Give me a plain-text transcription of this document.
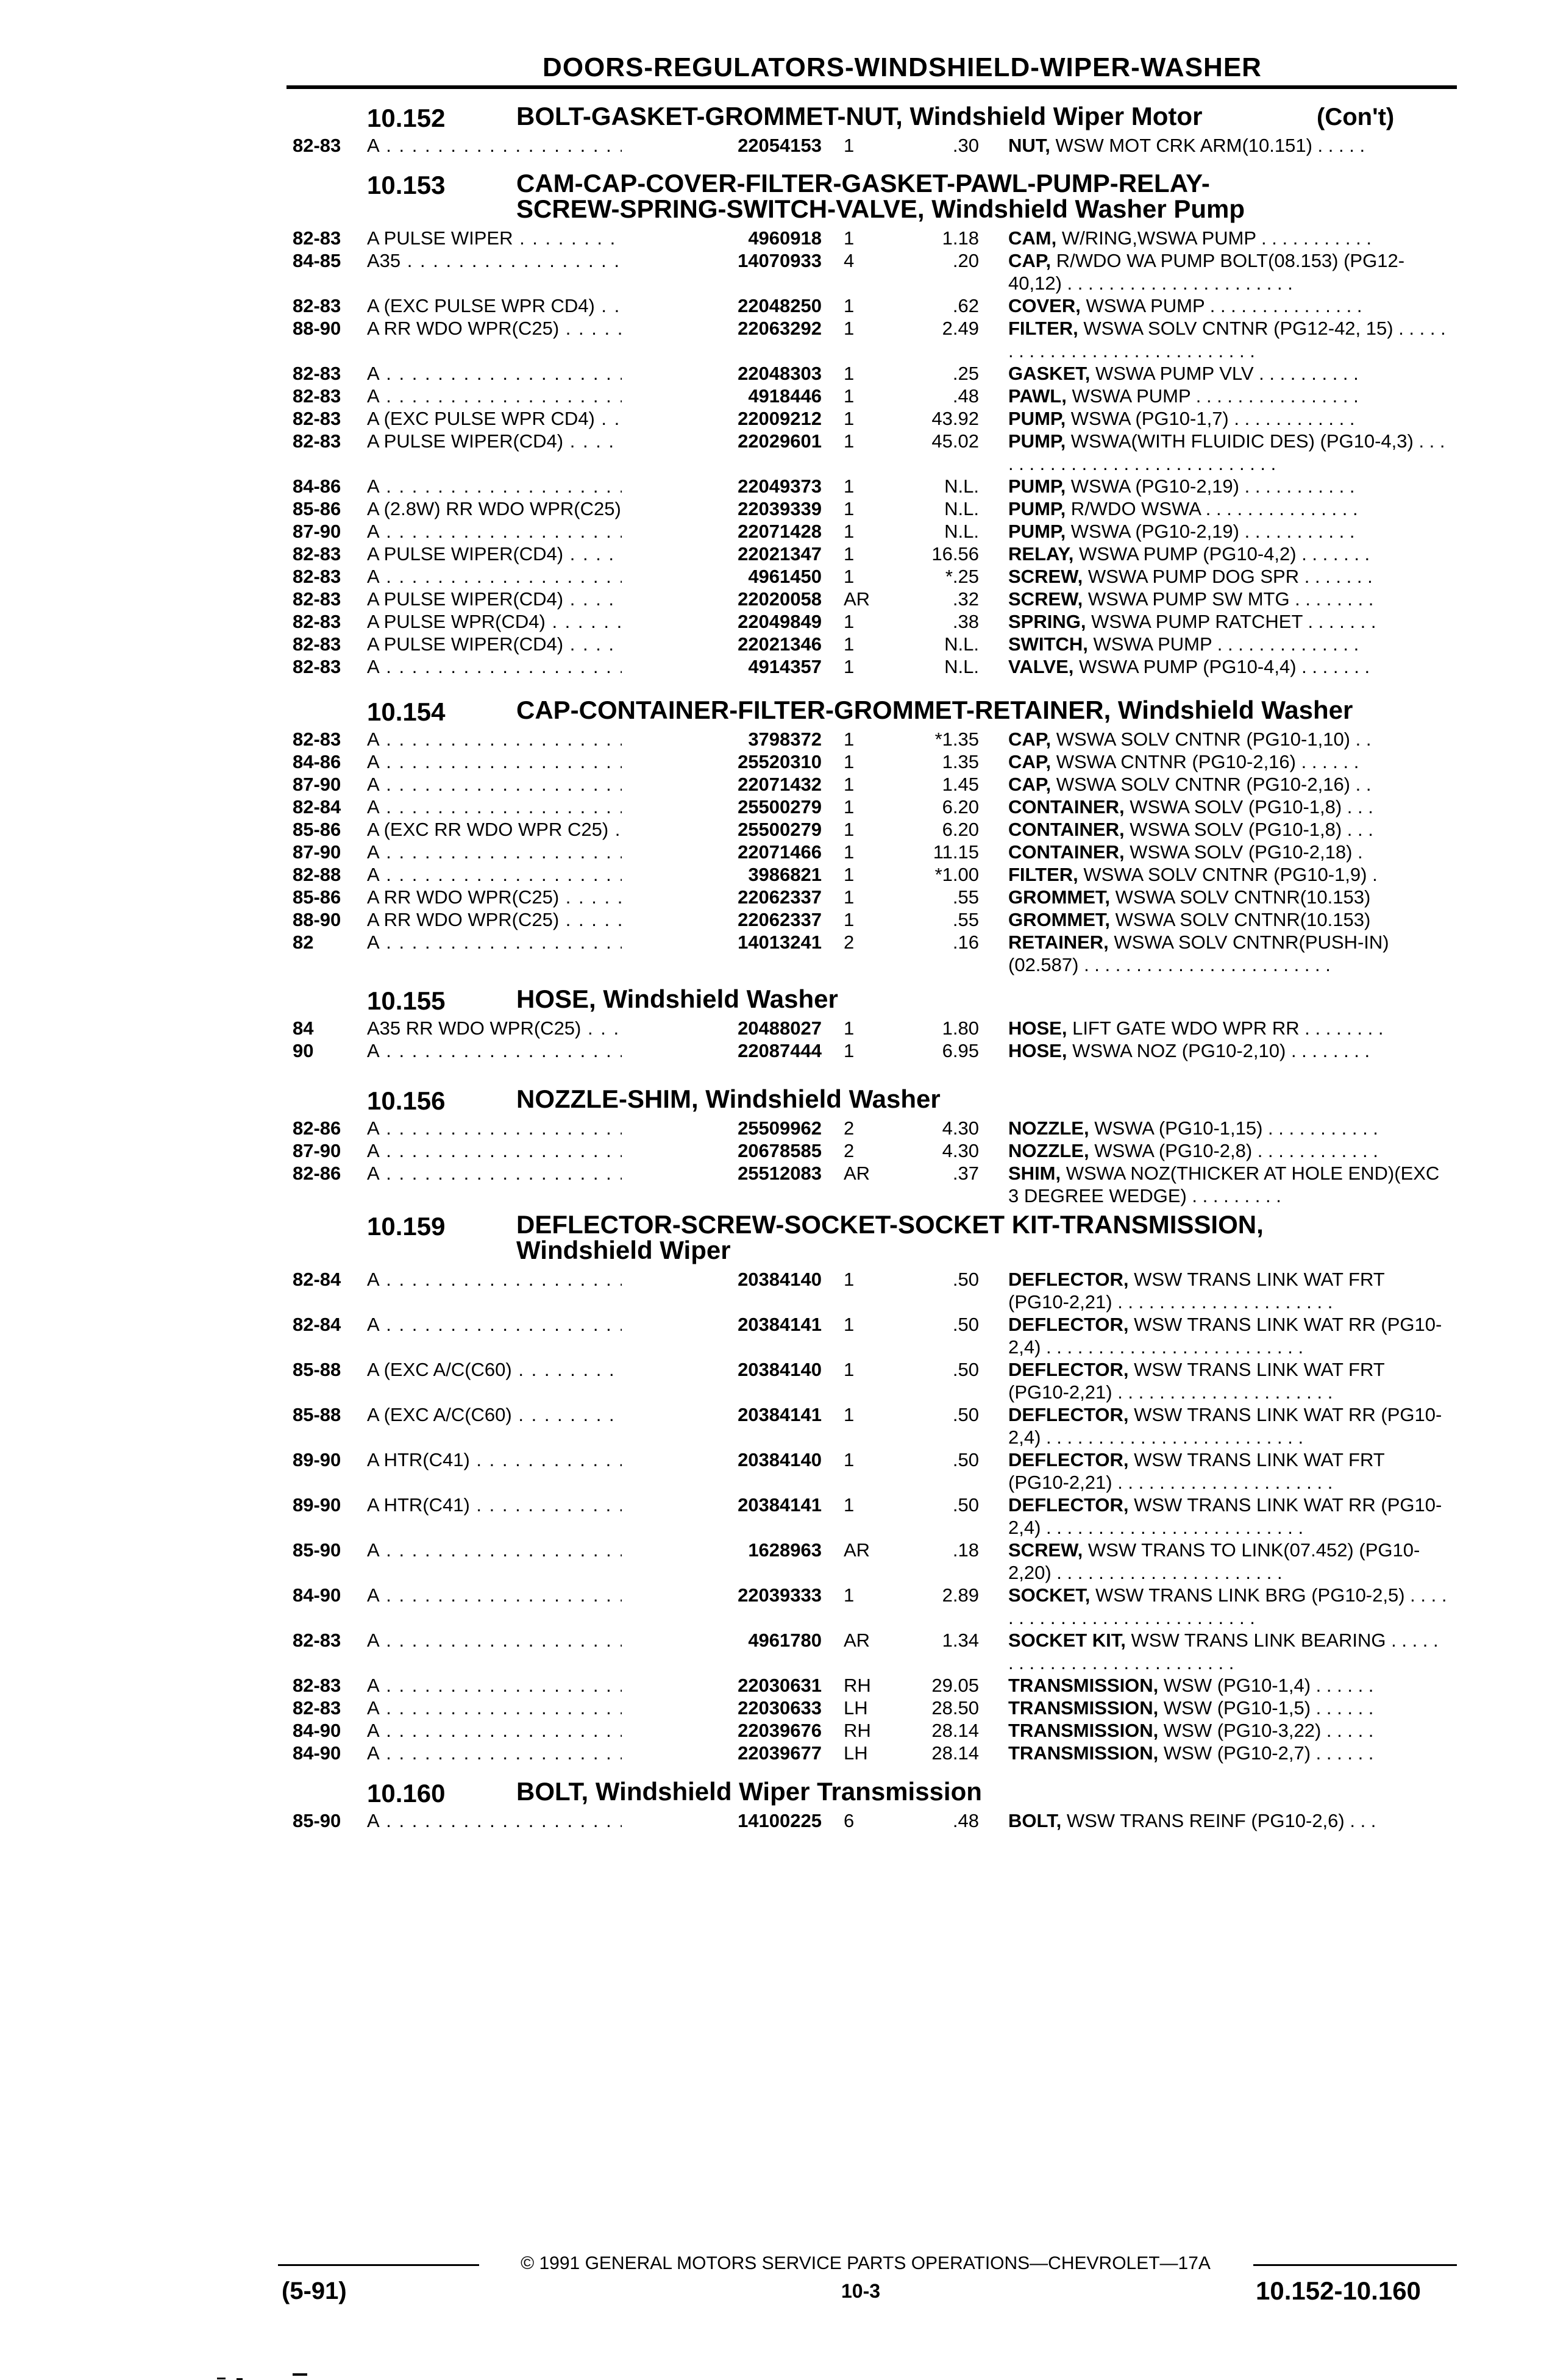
DOORS-REGULATORS-WINDSHIELD-WIPER-WASHER
10.152	BOLT-GASKET-GROMMET-NUT, Windshield Wiper Motor	(Con't)
82-83 A . . .	22054153 1	.30 NUT, WSW MOT CRK ARM(10.151) . . . . .
10.153	CAM-CAP-COVER-FILTER-GASKET-PAWL-PUMP-RELAY-
SCREW-SPRING-SWITCH-VALVE, Windshield Washer Pump
82-83 A PULSE WIPER . . .	4960918 1	1.18 CAM, W/RING,WSWA PUMP . . . . . . . . . . .
84-85 A35 . . .	14070933 4	.20 CAP, R/WDO WA PUMP BOLT(08.153) (PG12-40,12) . . . . . . . . . . . . . . . . . . . . . .
82-83 A (EXC PULSE WPR CD4) . . .	22048250 1	.62 COVER, WSWA PUMP . . . . . . . . . . . . . . .
88-90 A RR WDO WPR(C25) . . .	22063292 1	2.49 FILTER, WSWA SOLV CNTNR (PG12-42, 15) . . . . . . . . . . . . . . . . . . . . . . . . . . . . .
82-83 A . . .	22048303 1	.25 GASKET, WSWA PUMP VLV . . . . . . . . . .
82-83 A . . .	4918446 1	.48 PAWL, WSWA PUMP . . . . . . . . . . . . . . . .
82-83 A (EXC PULSE WPR CD4) . . .	22009212 1	43.92 PUMP, WSWA (PG10-1,7) . . . . . . . . . . . .
82-83 A PULSE WIPER(CD4) . . .	22029601 1	45.02 PUMP, WSWA(WITH FLUIDIC DES) (PG10-4,3) . . . . . . . . . . . . . . . . . . . . . . . . . . . . .
84-86 A . . .	22049373 1	N.L. PUMP, WSWA (PG10-2,19) . . . . . . . . . . .
85-86 A (2.8W) RR WDO WPR(C25) . . .	22039339 1	N.L. PUMP, R/WDO WSWA . . . . . . . . . . . . . . .
87-90 A . . .	22071428 1	N.L. PUMP, WSWA (PG10-2,19) . . . . . . . . . . .
82-83 A PULSE WIPER(CD4) . . .	22021347 1	16.56 RELAY, WSWA PUMP (PG10-4,2) . . . . . . .
82-83 A . . .	4961450 1	*.25 SCREW, WSWA PUMP DOG SPR . . . . . . .
82-83 A PULSE WIPER(CD4) . . .	22020058 AR	.32 SCREW, WSWA PUMP SW MTG . . . . . . . .
82-83 A PULSE WPR(CD4) . . .	22049849 1	.38 SPRING, WSWA PUMP RATCHET . . . . . . .
82-83 A PULSE WIPER(CD4) . . .	22021346 1	N.L. SWITCH, WSWA PUMP . . . . . . . . . . . . . .
82-83 A . . .	4914357 1	N.L. VALVE, WSWA PUMP (PG10-4,4) . . . . . . .
10.154	CAP-CONTAINER-FILTER-GROMMET-RETAINER, Windshield Washer
82-83 A . . .	3798372 1	*1.35 CAP, WSWA SOLV CNTNR (PG10-1,10) . .
84-86 A . . .	25520310 1	1.35 CAP, WSWA CNTNR (PG10-2,16) . . . . . .
87-90 A . . .	22071432 1	1.45 CAP, WSWA SOLV CNTNR (PG10-2,16) . .
82-84 A . . .	25500279 1	6.20 CONTAINER, WSWA SOLV (PG10-1,8) . . .
85-86 A (EXC RR WDO WPR C25) . . .	25500279 1	6.20 CONTAINER, WSWA SOLV (PG10-1,8) . . .
87-90 A . . .	22071466 1	11.15 CONTAINER, WSWA SOLV (PG10-2,18) .
82-88 A . . .	3986821 1	*1.00 FILTER, WSWA SOLV CNTNR (PG10-1,9) .
85-86 A RR WDO WPR(C25) . . .	22062337 1	.55 GROMMET, WSWA SOLV CNTNR(10.153)
88-90 A RR WDO WPR(C25) . . .	22062337 1	.55 GROMMET, WSWA SOLV CNTNR(10.153)
82	A . . .	14013241 2	.16 RETAINER, WSWA SOLV CNTNR(PUSH-IN)(02.587) . . . . . . . . . . . . . . . . . . . . . . . .
10.155	HOSE, Windshield Washer
84	A35 RR WDO WPR(C25) . . .	20488027 1	1.80 HOSE, LIFT GATE WDO WPR RR . . . . . . . .
90	A . . .	22087444 1	6.95 HOSE, WSWA NOZ (PG10-2,10) . . . . . . . .
10.156	NOZZLE-SHIM, Windshield Washer
82-86 A . . .	25509962 2	4.30 NOZZLE, WSWA (PG10-1,15) . . . . . . . . . . .
87-90 A . . .	20678585 2	4.30 NOZZLE, WSWA (PG10-2,8) . . . . . . . . . . . .
82-86 A . . .	25512083 AR	.37 SHIM, WSWA NOZ(THICKER AT HOLE END)(EXC 3 DEGREE WEDGE) . . . . . . . . .
10.159	DEFLECTOR-SCREW-SOCKET-SOCKET KIT-TRANSMISSION,
Windshield Wiper
82-84 A . . .	20384140 1	.50 DEFLECTOR, WSW TRANS LINK WAT FRT (PG10-2,21) . . . . . . . . . . . . . . . . . . . . .
82-84 A . . .	20384141 1	.50 DEFLECTOR, WSW TRANS LINK WAT RR (PG10-2,4) . . . . . . . . . . . . . . . . . . . . . . . . .
85-88 A (EXC A/C(C60) . . .	20384140 1	.50 DEFLECTOR, WSW TRANS LINK WAT FRT (PG10-2,21) . . . . . . . . . . . . . . . . . . . . .
85-88 A (EXC A/C(C60) . . .	20384141 1	.50 DEFLECTOR, WSW TRANS LINK WAT RR (PG10-2,4) . . . . . . . . . . . . . . . . . . . . . . . . .
89-90 A HTR(C41) . . .	20384140 1	.50 DEFLECTOR, WSW TRANS LINK WAT FRT (PG10-2,21) . . . . . . . . . . . . . . . . . . . . .
89-90 A HTR(C41) . . .	20384141 1	.50 DEFLECTOR, WSW TRANS LINK WAT RR (PG10-2,4) . . . . . . . . . . . . . . . . . . . . . . . . .
85-90 A . . .	1628963 AR	.18 SCREW, WSW TRANS TO LINK(07.452) (PG10-2,20) . . . . . . . . . . . . . . . . . . . . . .
84-90 A . . .	22039333 1	2.89 SOCKET, WSW TRANS LINK BRG (PG10-2,5) . . . . . . . . . . . . . . . . . . . . . . . . . . . .
82-83 A . . .	4961780 AR	1.34 SOCKET KIT, WSW TRANS LINK BEARING . . . . . . . . . . . . . . . . . . . . . . . . . . .
82-83 A . . .	22030631 RH	29.05 TRANSMISSION, WSW (PG10-1,4) . . . . . .
82-83 A . . .	22030633 LH	28.50 TRANSMISSION, WSW (PG10-1,5) . . . . . .
84-90 A . . .	22039676 RH	28.14 TRANSMISSION, WSW (PG10-3,22) . . . . .
84-90 A . . .	22039677 LH	28.14 TRANSMISSION, WSW (PG10-2,7) . . . . . .
10.160	BOLT, Windshield Wiper Transmission
85-90 A . . .	14100225 6	.48 BOLT, WSW TRANS REINF (PG10-2,6) . . .
© 1991 GENERAL MOTORS SERVICE PARTS OPERATIONS—CHEVROLET—17A
(5-91)	10-3	10.152-10.160
